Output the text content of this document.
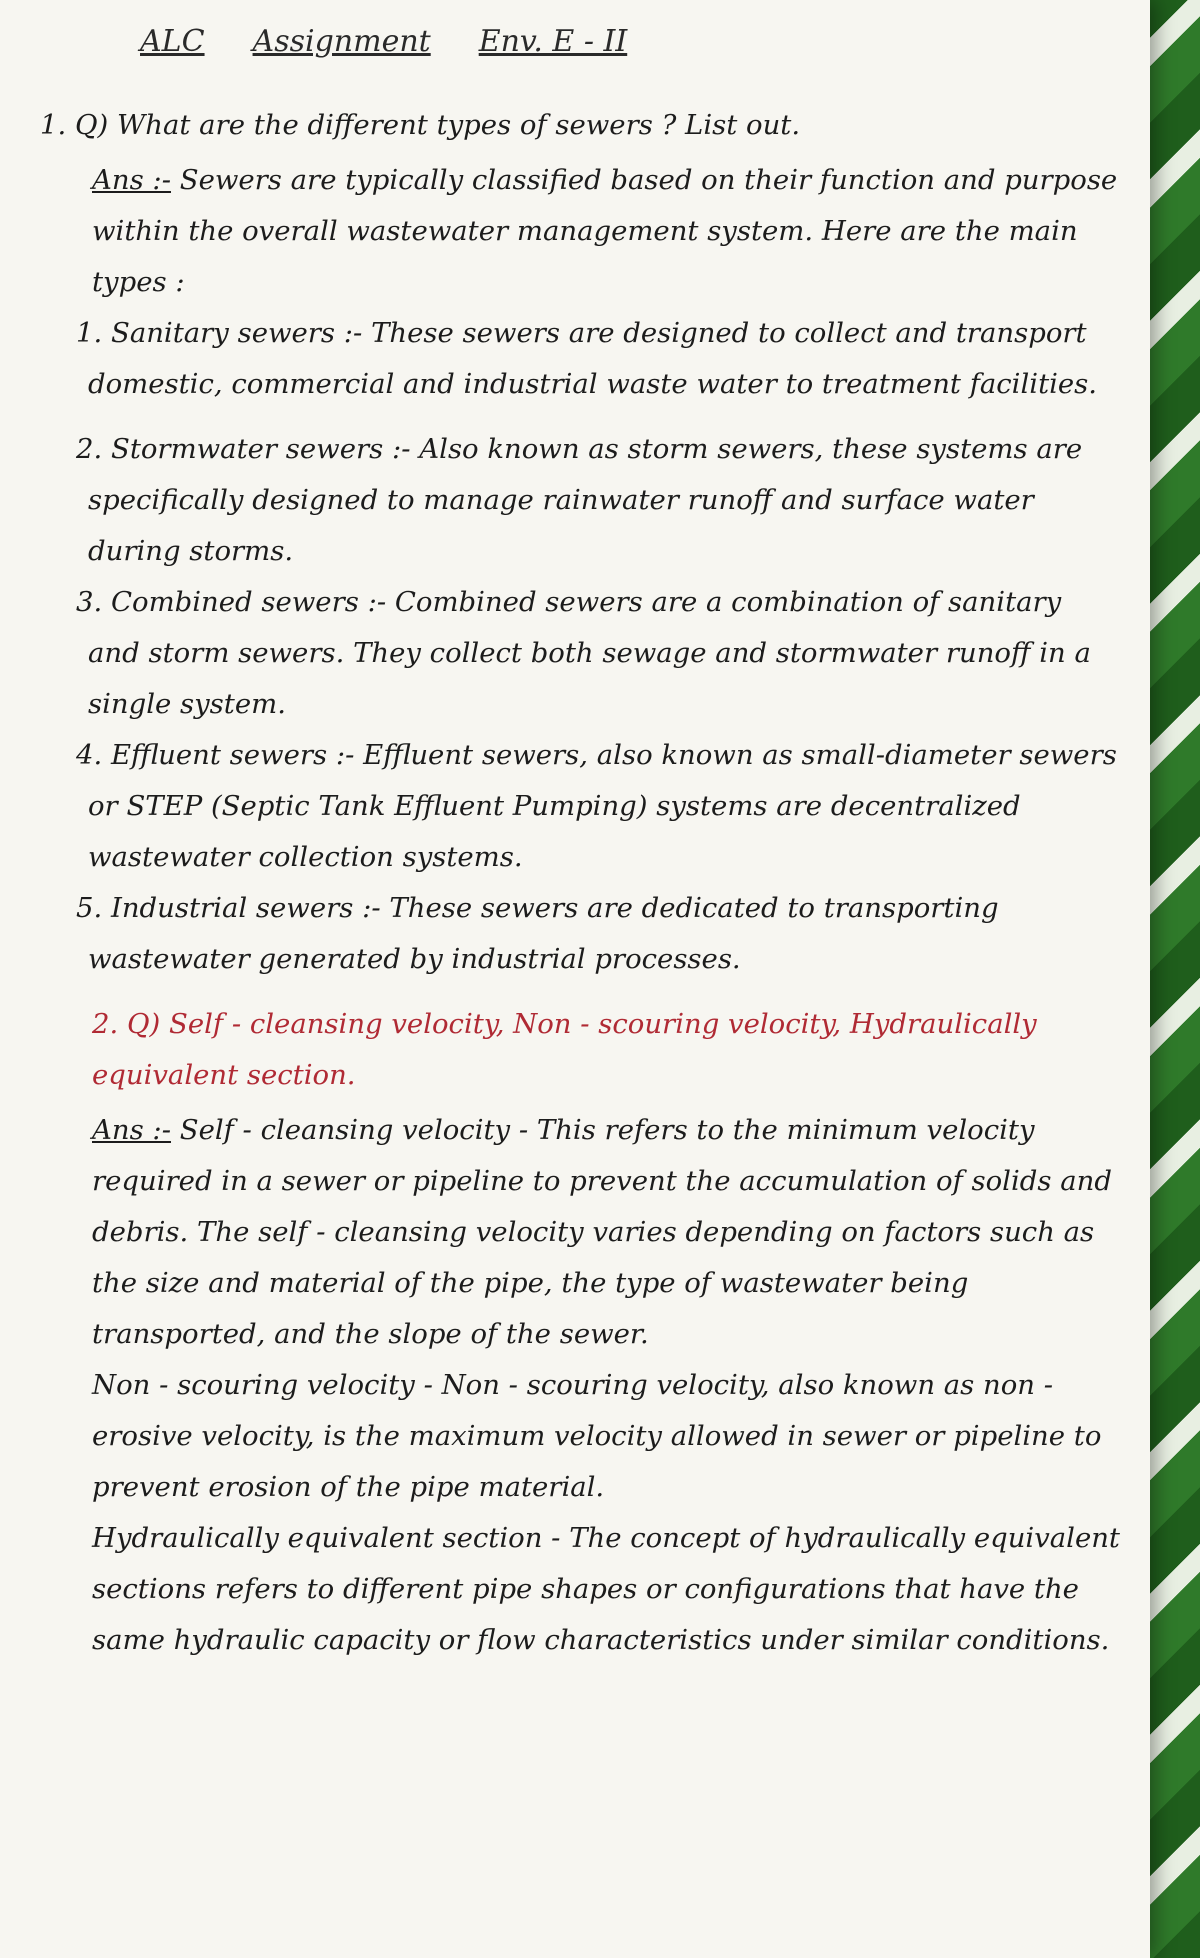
ALC Assignment Env. E - II
1. Q) What are the different types of sewers ? List out.

Ans :- Sewers are typically classified based on their function and purpose within the overall wastewater management system. Here are the main types :

1. Sanitary sewers :- These sewers are designed to collect and transport domestic, commercial and industrial waste water to treatment facilities.
2. Stormwater sewers :- Also known as storm sewers, these systems are specifically designed to manage rainwater runoff and surface water during storms.
3. Combined sewers :- Combined sewers are a combination of sanitary and storm sewers. They collect both sewage and stormwater runoff in a single system.
4. Effluent sewers :- Effluent sewers, also known as small-diameter sewers or STEP (Septic Tank Effluent Pumping) systems are decentralized wastewater collection systems.
5. Industrial sewers :- These sewers are dedicated to transporting wastewater generated by industrial processes.
2. Q) Self - cleansing velocity, Non - scouring velocity, Hydraulically equivalent section.

Ans :- Self - cleansing velocity - This refers to the minimum velocity required in a sewer or pipeline to prevent the accumulation of solids and debris. The self - cleansing velocity varies depending on factors such as the size and material of the pipe, the type of wastewater being transported, and the slope of the sewer.

Non - scouring velocity - Non - scouring velocity, also known as non - erosive velocity, is the maximum velocity allowed in sewer or pipeline to prevent erosion of the pipe material.

Hydraulically equivalent section - The concept of hydraulically equivalent sections refers to different pipe shapes or configurations that have the same hydraulic capacity or flow characteristics under similar conditions.
